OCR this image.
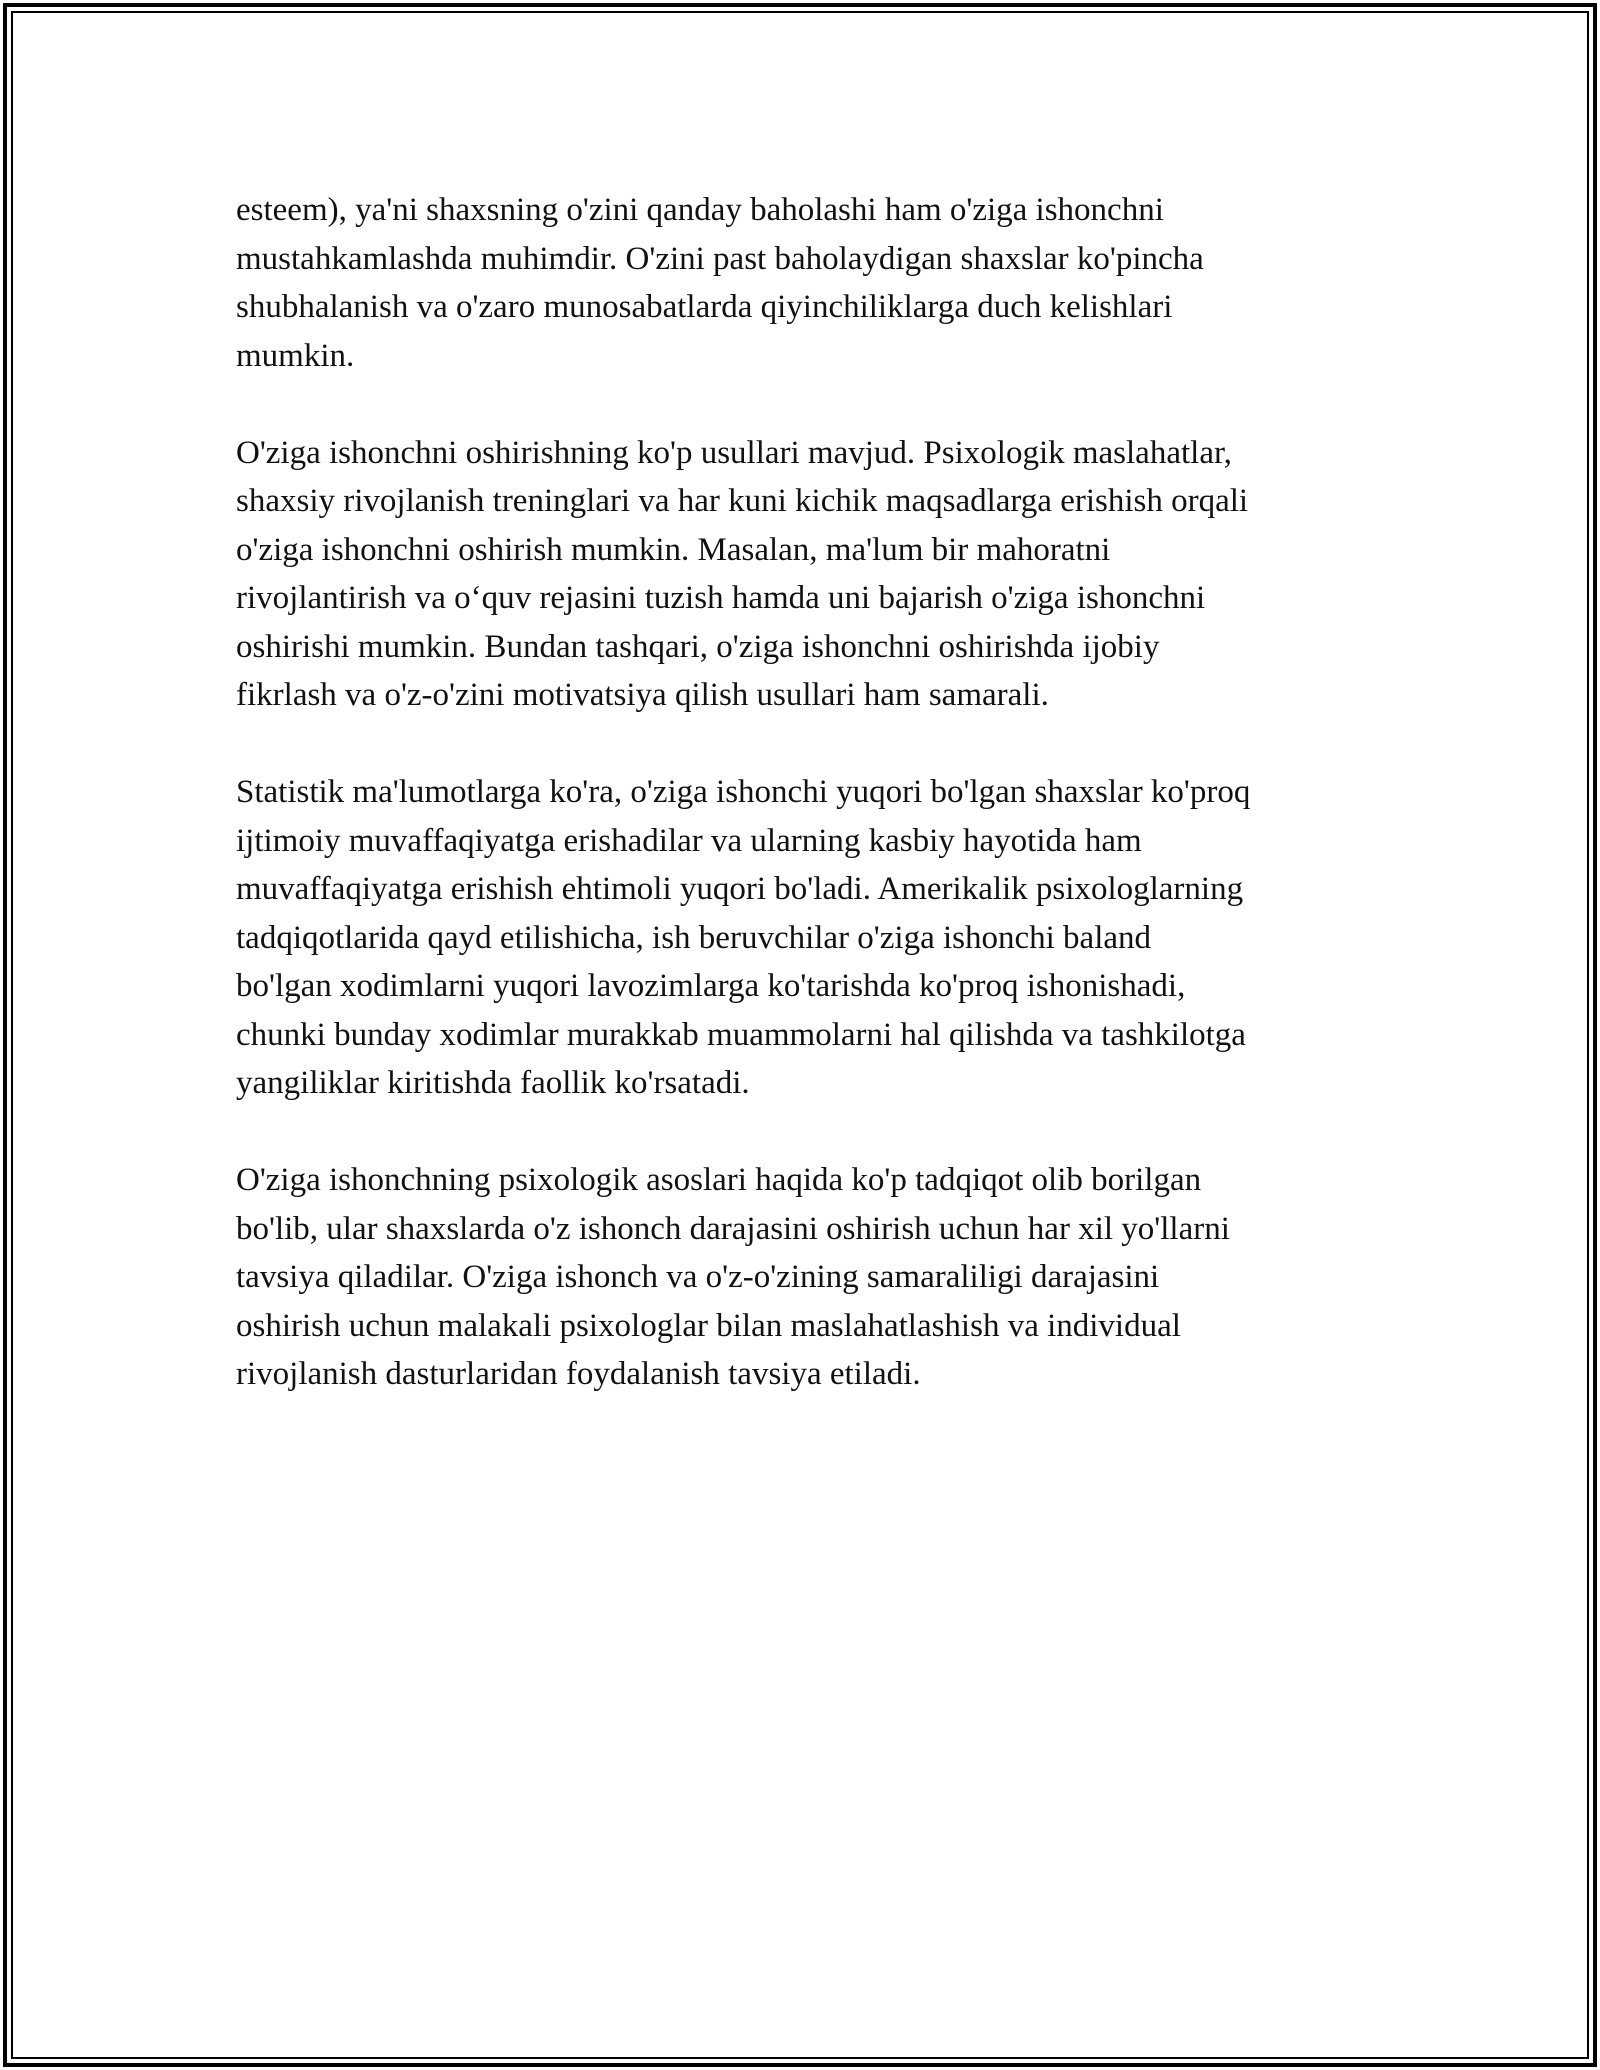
esteem), ya'ni shaxsning o'zini qanday baholashi ham o'ziga ishonchni
mustahkamlashda muhimdir. O'zini past baholaydigan shaxslar ko'pincha
shubhalanish va o'zaro munosabatlarda qiyinchiliklarga duch kelishlari
mumkin.

O'ziga ishonchni oshirishning ko'p usullari mavjud. Psixologik maslahatlar,
shaxsiy rivojlanish treninglari va har kuni kichik maqsadlarga erishish orqali
o'ziga ishonchni oshirish mumkin. Masalan, ma'lum bir mahoratni
rivojlantirish va o‘quv rejasini tuzish hamda uni bajarish o'ziga ishonchni
oshirishi mumkin. Bundan tashqari, o'ziga ishonchni oshirishda ijobiy
fikrlash va o'z-o'zini motivatsiya qilish usullari ham samarali.

Statistik ma'lumotlarga ko'ra, o'ziga ishonchi yuqori bo'lgan shaxslar ko'proq
ijtimoiy muvaffaqiyatga erishadilar va ularning kasbiy hayotida ham
muvaffaqiyatga erishish ehtimoli yuqori bo'ladi. Amerikalik psixologlarning
tadqiqotlarida qayd etilishicha, ish beruvchilar o'ziga ishonchi baland
bo'lgan xodimlarni yuqori lavozimlarga ko'tarishda ko'proq ishonishadi,
chunki bunday xodimlar murakkab muammolarni hal qilishda va tashkilotga
yangiliklar kiritishda faollik ko'rsatadi.

O'ziga ishonchning psixologik asoslari haqida ko'p tadqiqot olib borilgan
bo'lib, ular shaxslarda o'z ishonch darajasini oshirish uchun har xil yo'llarni
tavsiya qiladilar. O'ziga ishonch va o'z-o'zining samaraliligi darajasini
oshirish uchun malakali psixologlar bilan maslahatlashish va individual
rivojlanish dasturlaridan foydalanish tavsiya etiladi.
